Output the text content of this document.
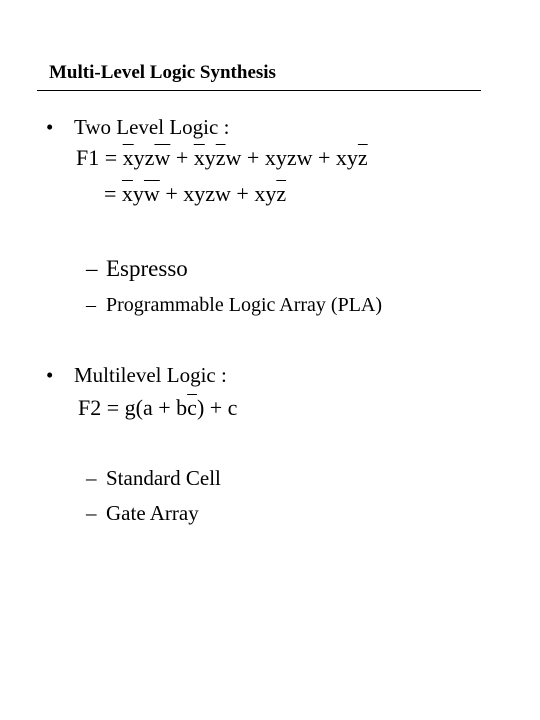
Multi-Level Logic Synthesis
• Two Level Logic :
$F1 = \overline{x}yz\overline{w} + \overline{x}y\overline{z}w$ + xyzw + $xy\overline{z}$
= $\overline{x}y\overline{w}$ + xyzw + $xy\overline{z}$
– Espresso
– Programmable Logic Array (PLA)
• Multilevel Logic :
$F2 = g(a + b\overline{c}) + c$
– Standard Cell
– Gate Array
